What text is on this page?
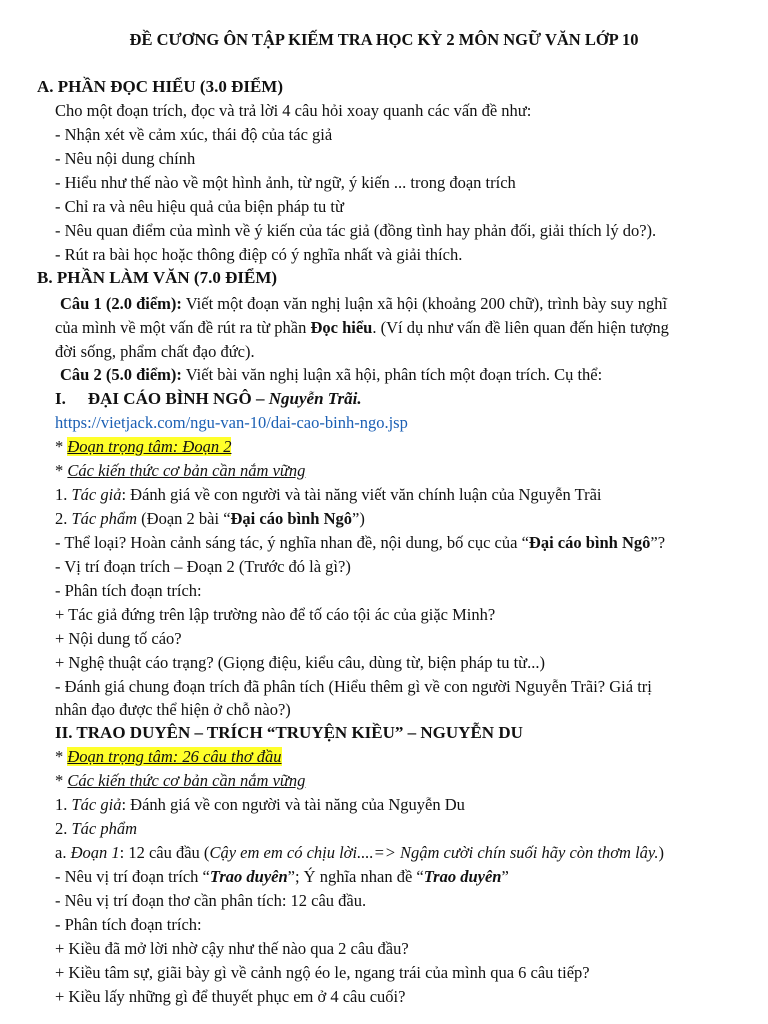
ĐỀ CƯƠNG ÔN TẬP KIẾM TRA HỌC KỲ 2 MÔN NGỮ VĂN LỚP 10
A. PHẦN ĐỌC HIỂU (3.0 ĐIỂM)
Cho một đoạn trích, đọc và trả lời 4 câu hỏi xoay quanh các vấn đề như:
- Nhận xét về cảm xúc, thái độ của tác giả
- Nêu nội dung chính
- Hiểu như thế nào về một hình ảnh, từ ngữ, ý kiến ... trong đoạn trích
- Chỉ ra và nêu hiệu quả của biện pháp tu từ
- Nêu quan điểm của mình về ý kiến của tác giả (đồng tình hay phản đối, giải thích lý do?).
- Rút ra bài học hoặc thông điệp có ý nghĩa nhất và giải thích.
B. PHẦN LÀM VĂN (7.0 ĐIỂM)
Câu 1 (2.0 điểm): Viết một đoạn văn nghị luận xã hội (khoảng 200 chữ), trình bày suy nghĩ
của mình về một vấn đề rút ra từ phần Đọc hiểu. (Ví dụ như vấn đề liên quan đến hiện tượng
đời sống, phẩm chất đạo đức).
Câu 2 (5.0 điểm): Viết bài văn nghị luận xã hội, phân tích một đoạn trích. Cụ thể:
I. ĐẠI CÁO BÌNH NGÔ – Nguyễn Trãi.
https://vietjack.com/ngu-van-10/dai-cao-binh-ngo.jsp
* Đoạn trọng tâm: Đoạn 2
* Các kiến thức cơ bản cần nắm vững
1. Tác giả: Đánh giá về con người và tài năng viết văn chính luận của Nguyễn Trãi
2. Tác phẩm (Đoạn 2 bài “Đại cáo bình Ngô”)
- Thể loại? Hoàn cảnh sáng tác, ý nghĩa nhan đề, nội dung, bố cục của “Đại cáo bình Ngô”?
- Vị trí đoạn trích – Đoạn 2 (Trước đó là gì?)
- Phân tích đoạn trích:
+ Tác giả đứng trên lập trường nào để tố cáo tội ác của giặc Minh?
+ Nội dung tố cáo?
+ Nghệ thuật cáo trạng? (Giọng điệu, kiểu câu, dùng từ, biện pháp tu từ...)
- Đánh giá chung đoạn trích đã phân tích (Hiểu thêm gì về con người Nguyễn Trãi? Giá trị
nhân đạo được thể hiện ở chỗ nào?)
II. TRAO DUYÊN – TRÍCH “TRUYỆN KIỀU” – NGUYỄN DU
* Đoạn trọng tâm: 26 câu thơ đầu
* Các kiến thức cơ bản cần nắm vững
1. Tác giả: Đánh giá về con người và tài năng của Nguyễn Du
2. Tác phẩm
a. Đoạn 1: 12 câu đầu (Cậy em em có chịu lời....=> Ngậm cười chín suối hãy còn thơm lây.)
- Nêu vị trí đoạn trích “Trao duyên”; Ý nghĩa nhan đề “Trao duyên”
- Nêu vị trí đoạn thơ cần phân tích: 12 câu đầu.
- Phân tích đoạn trích:
+ Kiều đã mở lời nhờ cậy như thế nào qua 2 câu đầu?
+ Kiều tâm sự, giãi bày gì về cảnh ngộ éo le, ngang trái của mình qua 6 câu tiếp?
+ Kiều lấy những gì để thuyết phục em ở 4 câu cuối?
